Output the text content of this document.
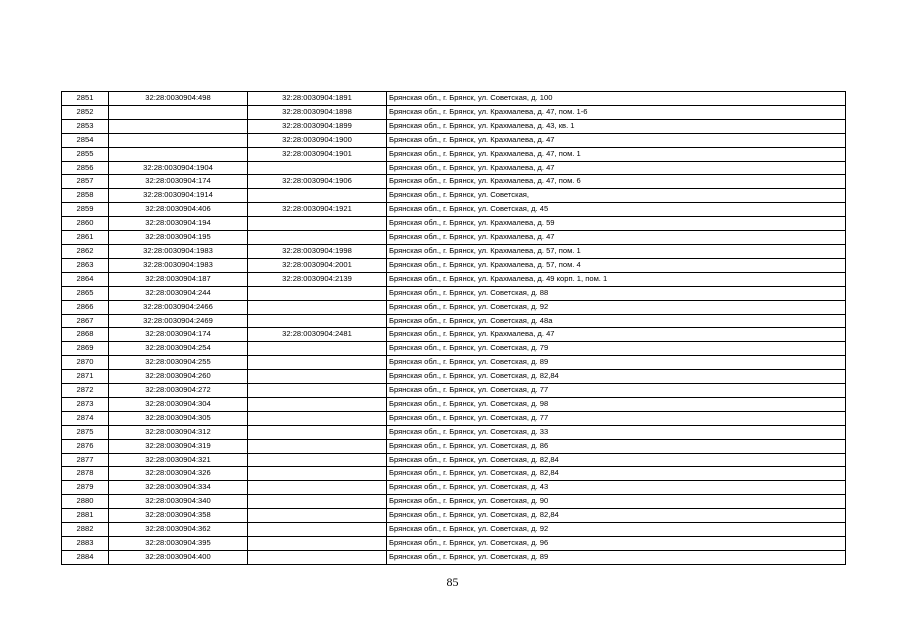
2851	32:28:0030904:498	32:28:0030904:1891	Брянская обл., г. Брянск, ул. Советская, д. 100
2852		32:28:0030904:1898	Брянская обл., г. Брянск, ул. Крахмалева, д. 47, пом. 1-6
2853		32:28:0030904:1899	Брянская обл., г. Брянск, ул. Крахмалева, д. 43, кв. 1
2854		32:28:0030904:1900	Брянская обл., г. Брянск, ул. Крахмалева, д. 47
2855		32:28:0030904:1901	Брянская обл., г. Брянск, ул. Крахмалева, д. 47, пом. 1
2856	32:28:0030904:1904		Брянская обл., г. Брянск, ул. Крахмалева, д. 47
2857	32:28:0030904:174	32:28:0030904:1906	Брянская обл., г. Брянск, ул. Крахмалева, д. 47, пом. 6
2858	32:28:0030904:1914		Брянская обл., г. Брянск, ул. Советская,
2859	32:28:0030904:406	32:28:0030904:1921	Брянская обл., г. Брянск, ул. Советская, д. 45
2860	32:28:0030904:194		Брянская обл., г. Брянск, ул. Крахмалева, д. 59
2861	32:28:0030904:195		Брянская обл., г. Брянск, ул. Крахмалева, д. 47
2862	32:28:0030904:1983	32:28:0030904:1998	Брянская обл., г. Брянск, ул. Крахмалева, д. 57, пом. 1
2863	32:28:0030904:1983	32:28:0030904:2001	Брянская обл., г. Брянск, ул. Крахмалева, д. 57, пом. 4
2864	32:28:0030904:187	32:28:0030904:2139	Брянская обл., г. Брянск, ул. Крахмалева, д. 49 корп. 1, пом. 1
2865	32:28:0030904:244		Брянская обл., г. Брянск, ул. Советская, д. 88
2866	32:28:0030904:2466		Брянская обл., г. Брянск, ул. Советская, д. 92
2867	32:28:0030904:2469		Брянская обл., г. Брянск, ул. Советская, д. 48а
2868	32:28:0030904:174	32:28:0030904:2481	Брянская обл., г. Брянск, ул. Крахмалева, д. 47
2869	32:28:0030904:254		Брянская обл., г. Брянск, ул. Советская, д. 79
2870	32:28:0030904:255		Брянская обл., г. Брянск, ул. Советская, д. 89
2871	32:28:0030904:260		Брянская обл., г. Брянск, ул. Советская, д. 82,84
2872	32:28:0030904:272		Брянская обл., г. Брянск, ул. Советская, д. 77
2873	32:28:0030904:304		Брянская обл., г. Брянск, ул. Советская, д. 98
2874	32:28:0030904:305		Брянская обл., г. Брянск, ул. Советская, д. 77
2875	32:28:0030904:312		Брянская обл., г. Брянск, ул. Советская, д. 33
2876	32:28:0030904:319		Брянская обл., г. Брянск, ул. Советская, д. 86
2877	32:28:0030904:321		Брянская обл., г. Брянск, ул. Советская, д. 82,84
2878	32:28:0030904:326		Брянская обл., г. Брянск, ул. Советская, д. 82,84
2879	32:28:0030904:334		Брянская обл., г. Брянск, ул. Советская, д. 43
2880	32:28:0030904:340		Брянская обл., г. Брянск, ул. Советская, д. 90
2881	32:28:0030904:358		Брянская обл., г. Брянск, ул. Советская, д. 82,84
2882	32:28:0030904:362		Брянская обл., г. Брянск, ул. Советская, д. 92
2883	32:28:0030904:395		Брянская обл., г. Брянск, ул. Советская, д. 96
2884	32:28:0030904:400		Брянская обл., г. Брянск, ул. Советская, д. 89
85
